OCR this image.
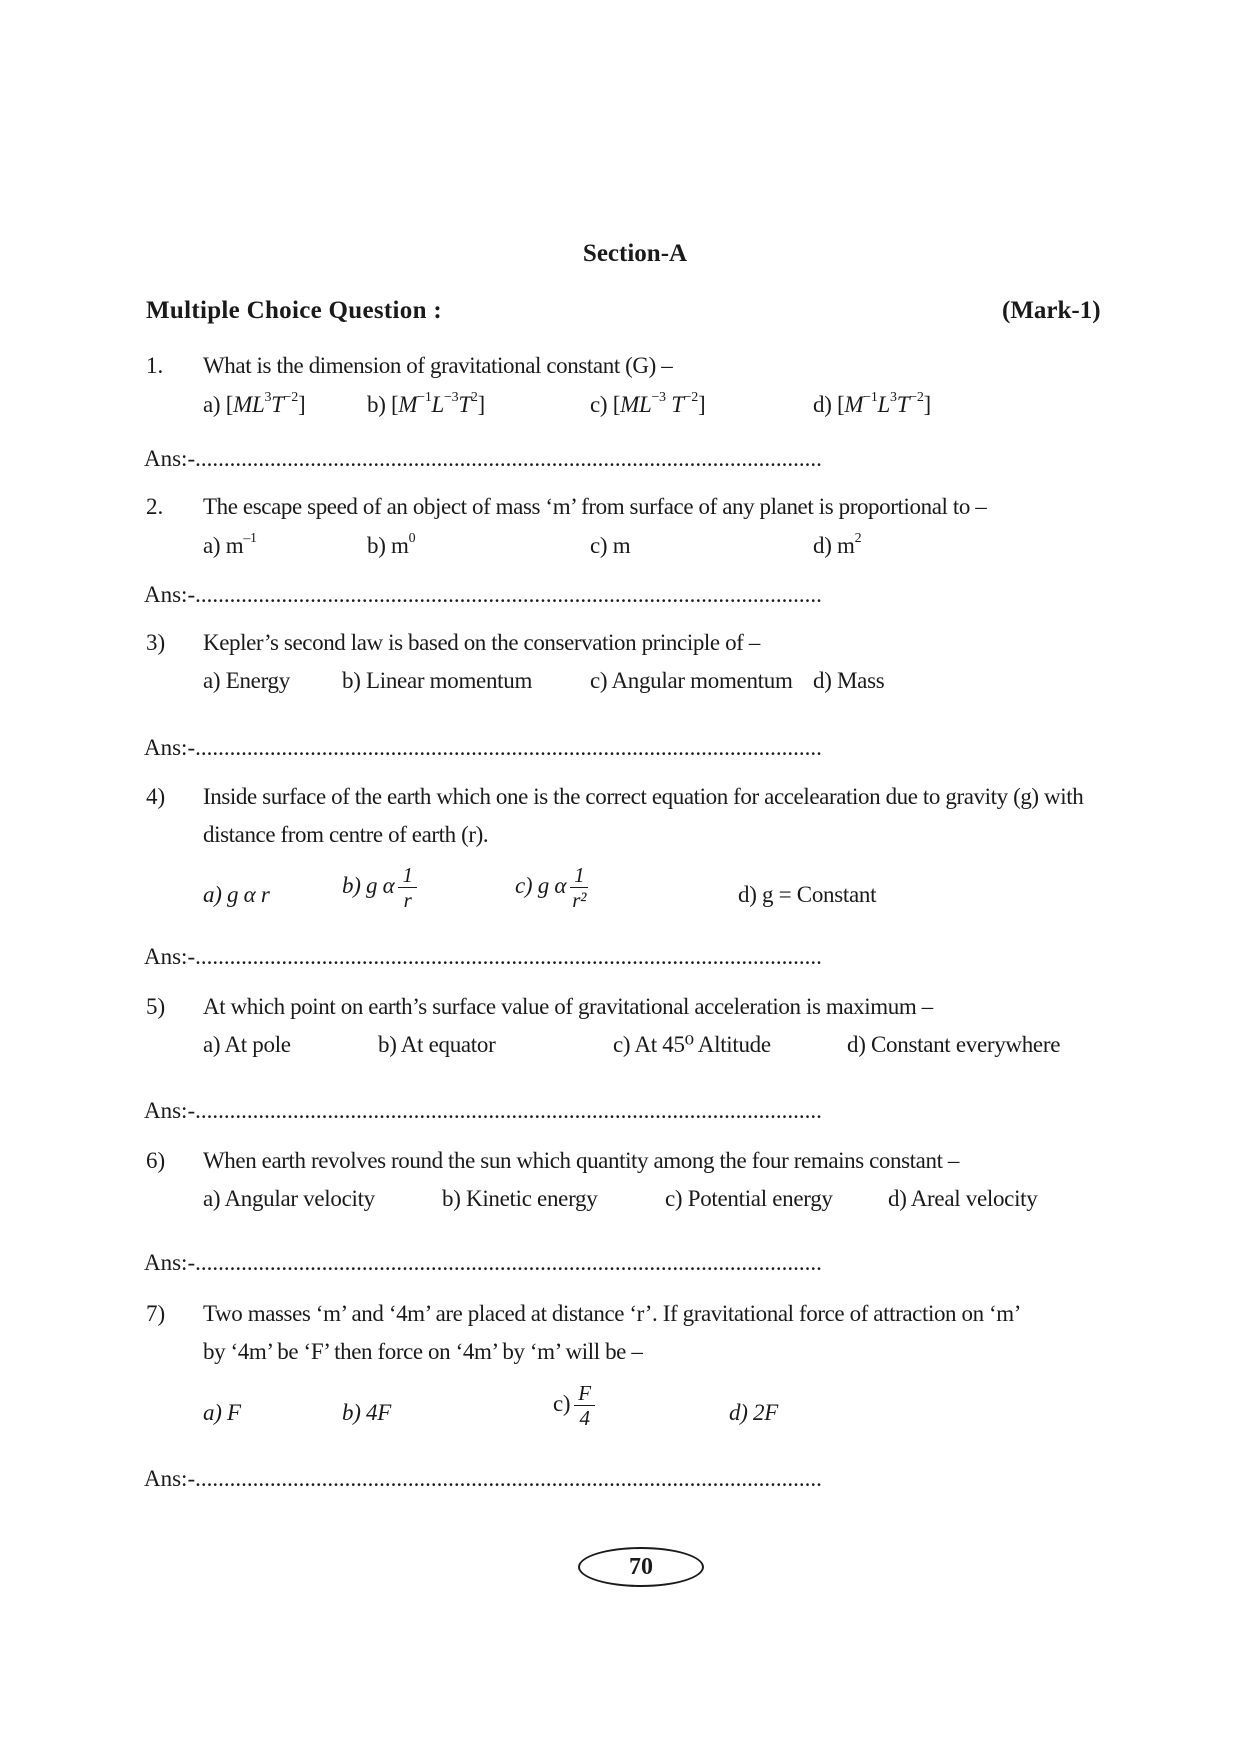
Section-A
Multiple Choice Question :	(Mark-1)
1. What is the dimension of gravitational constant (G) –
a) $[ML^3T^{-2}]$	b) $[M^{-1}L^{-3}T^2]$	c) [$ML^{-3}$ $T^{-2}$]	d) $[M^{-1}L^3T^{-2}]$
Ans:-.............................................................................................................
2. The escape speed of an object of mass ‘m’ from surface of any planet is proportional to –
a) $m^{-1}$	b) $m^0$	c) m	d) $m^2$
Ans:-.............................................................................................................
3) Kepler’s second law is based on the conservation principle of –
a) Energy b) Linear momentum	c) Angular momentum d) Mass
Ans:-.............................................................................................................
4) Inside surface of the earth which one is the correct equation for accelearation due to gravity (g) with
distance from centre of earth (r).
a) g α r	b) g α $\frac{1}{r}$	c) g α $\frac{1}{\text{r²}}$	d) g = Constant
Ans:-.............................................................................................................
5) At which point on earth’s surface value of gravitational acceleration is maximum –
a) At pole	b) At equator	c) At 45⁰ Altitude	d) Constant everywhere
Ans:-.............................................................................................................
6) When earth revolves round the sun which quantity among the four remains constant –
a) Angular velocity	b) Kinetic energy	c) Potential energy d) Areal velocity
Ans:-.............................................................................................................
7) Two masses ‘m’ and ‘4m’ are placed at distance ‘r’. If gravitational force of attraction on ‘m’
by ‘4m’ be ‘F’ then force on ‘4m’ by ‘m’ will be –
a) F	b) 4F	$c) \frac{F}{4}$	d) 2F
Ans:-.............................................................................................................
70
